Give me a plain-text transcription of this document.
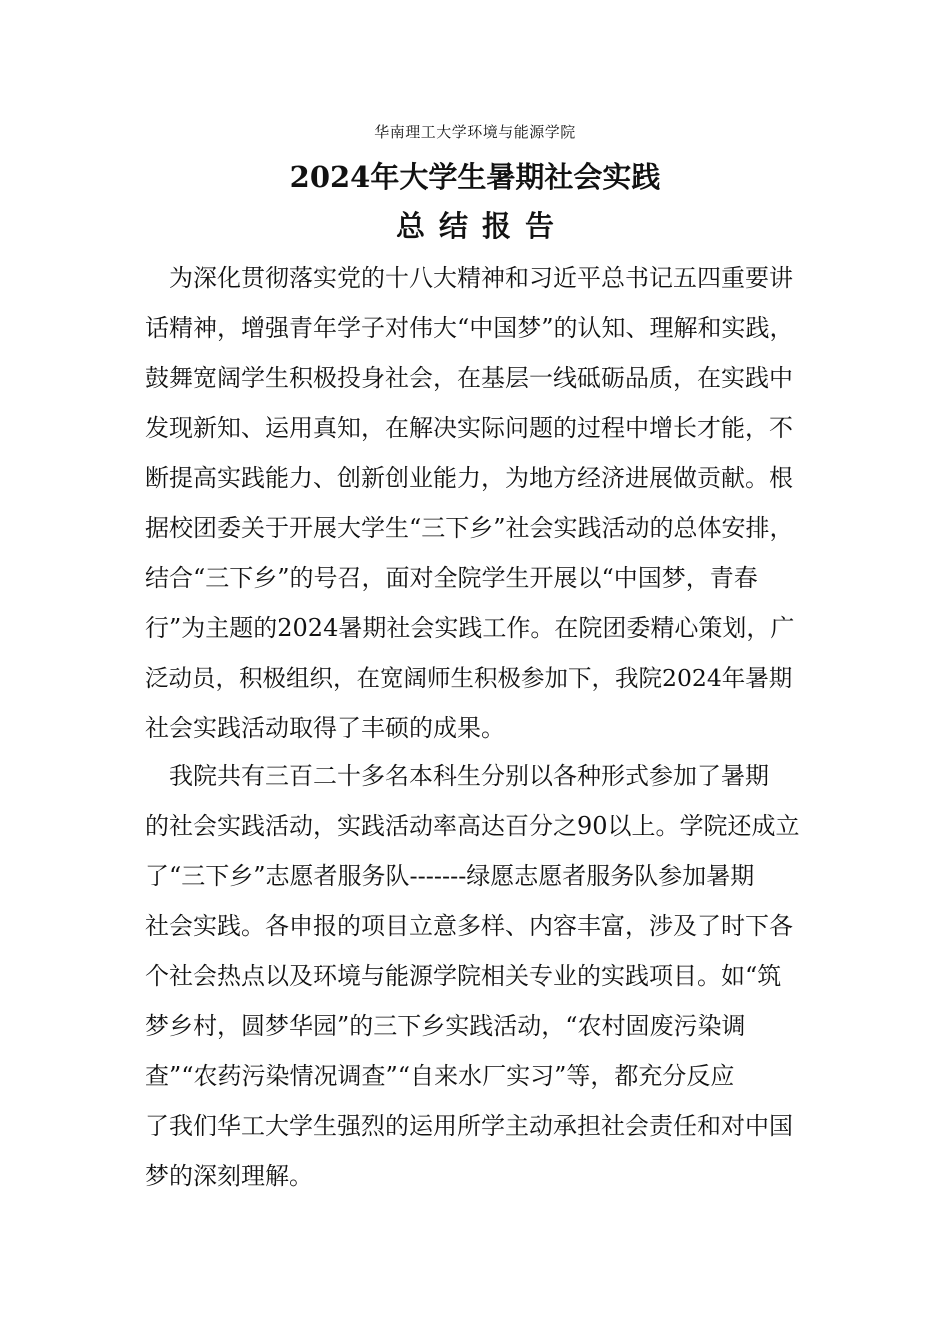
华南理工大学环境与能源学院
2024年大学生暑期社会实践
总结报告
　为深化贯彻落实党的十八大精神和习近平总书记五四重要讲
话精神，增强青年学子对伟大“中国梦”的认知、理解和实践，
鼓舞宽阔学生积极投身社会，在基层一线砥砺品质，在实践中
发现新知、运用真知，在解决实际问题的过程中增长才能，不
断提高实践能力、创新创业能力，为地方经济进展做贡献。根
据校团委关于开展大学生“三下乡”社会实践活动的总体安排，
结合“三下乡”的号召，面对全院学生开展以“中国梦，青春
行”为主题的2024暑期社会实践工作。在院团委精心策划，广
泛动员，积极组织，在宽阔师生积极参加下，我院2024年暑期
社会实践活动取得了丰硕的成果。
　我院共有三百二十多名本科生分别以各种形式参加了暑期
的社会实践活动，实践活动率高达百分之90以上。学院还成立
了“三下乡”志愿者服务队-------绿愿志愿者服务队参加暑期
社会实践。各申报的项目立意多样、内容丰富，涉及了时下各
个社会热点以及环境与能源学院相关专业的实践项目。如“筑
梦乡村，圆梦华园”的三下乡实践活动，“农村固废污染调
查”“农药污染情况调查”“自来水厂实习”等，都充分反应
了我们华工大学生强烈的运用所学主动承担社会责任和对中国
梦的深刻理解。
